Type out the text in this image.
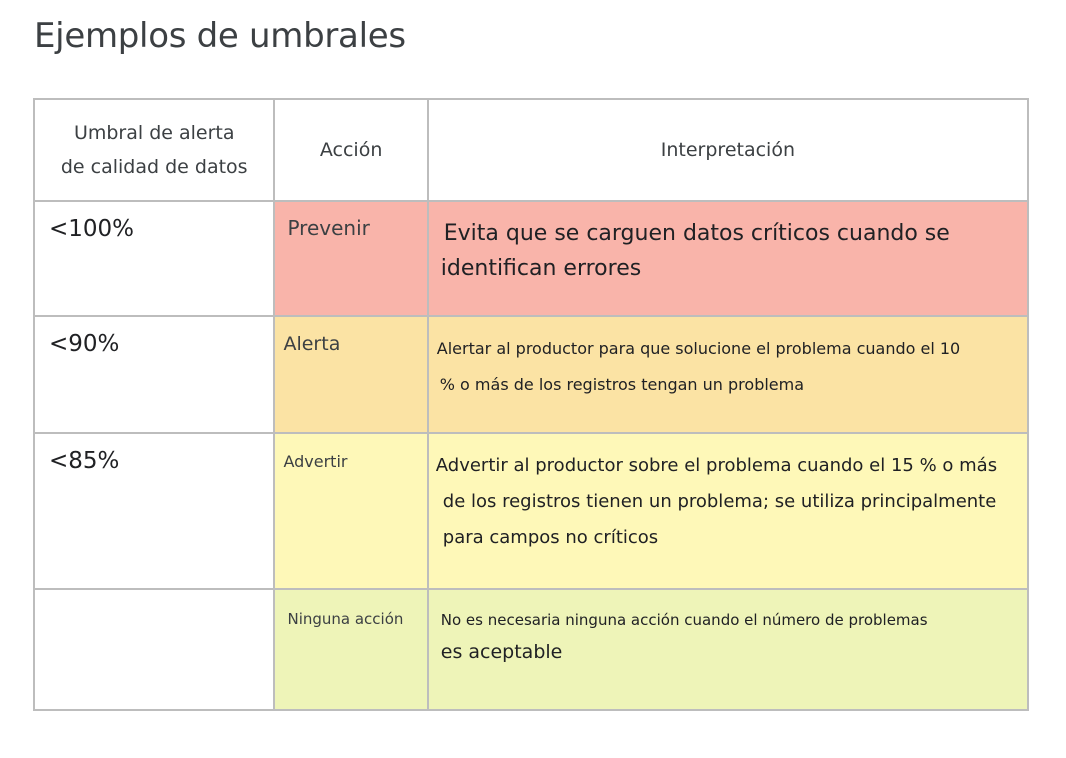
Ejemplos de umbrales
Umbral de alerta
de calidad de datos	Acción	Interpretación
<100%	Prevenir	Evita que se carguen datos críticos cuando se
identifican errores

<90%	Alerta	Alertar al productor para que solucione el problema cuando el 10
% o más de los registros tengan un problema

<85%	Advertir	Advertir al productor sobre el problema cuando el 15 % o más
de los registros tienen un problema; se utiliza principalmente
para campos no críticos

	Ninguna acción	No es necesaria ninguna acción cuando el número de problemas
es aceptable
